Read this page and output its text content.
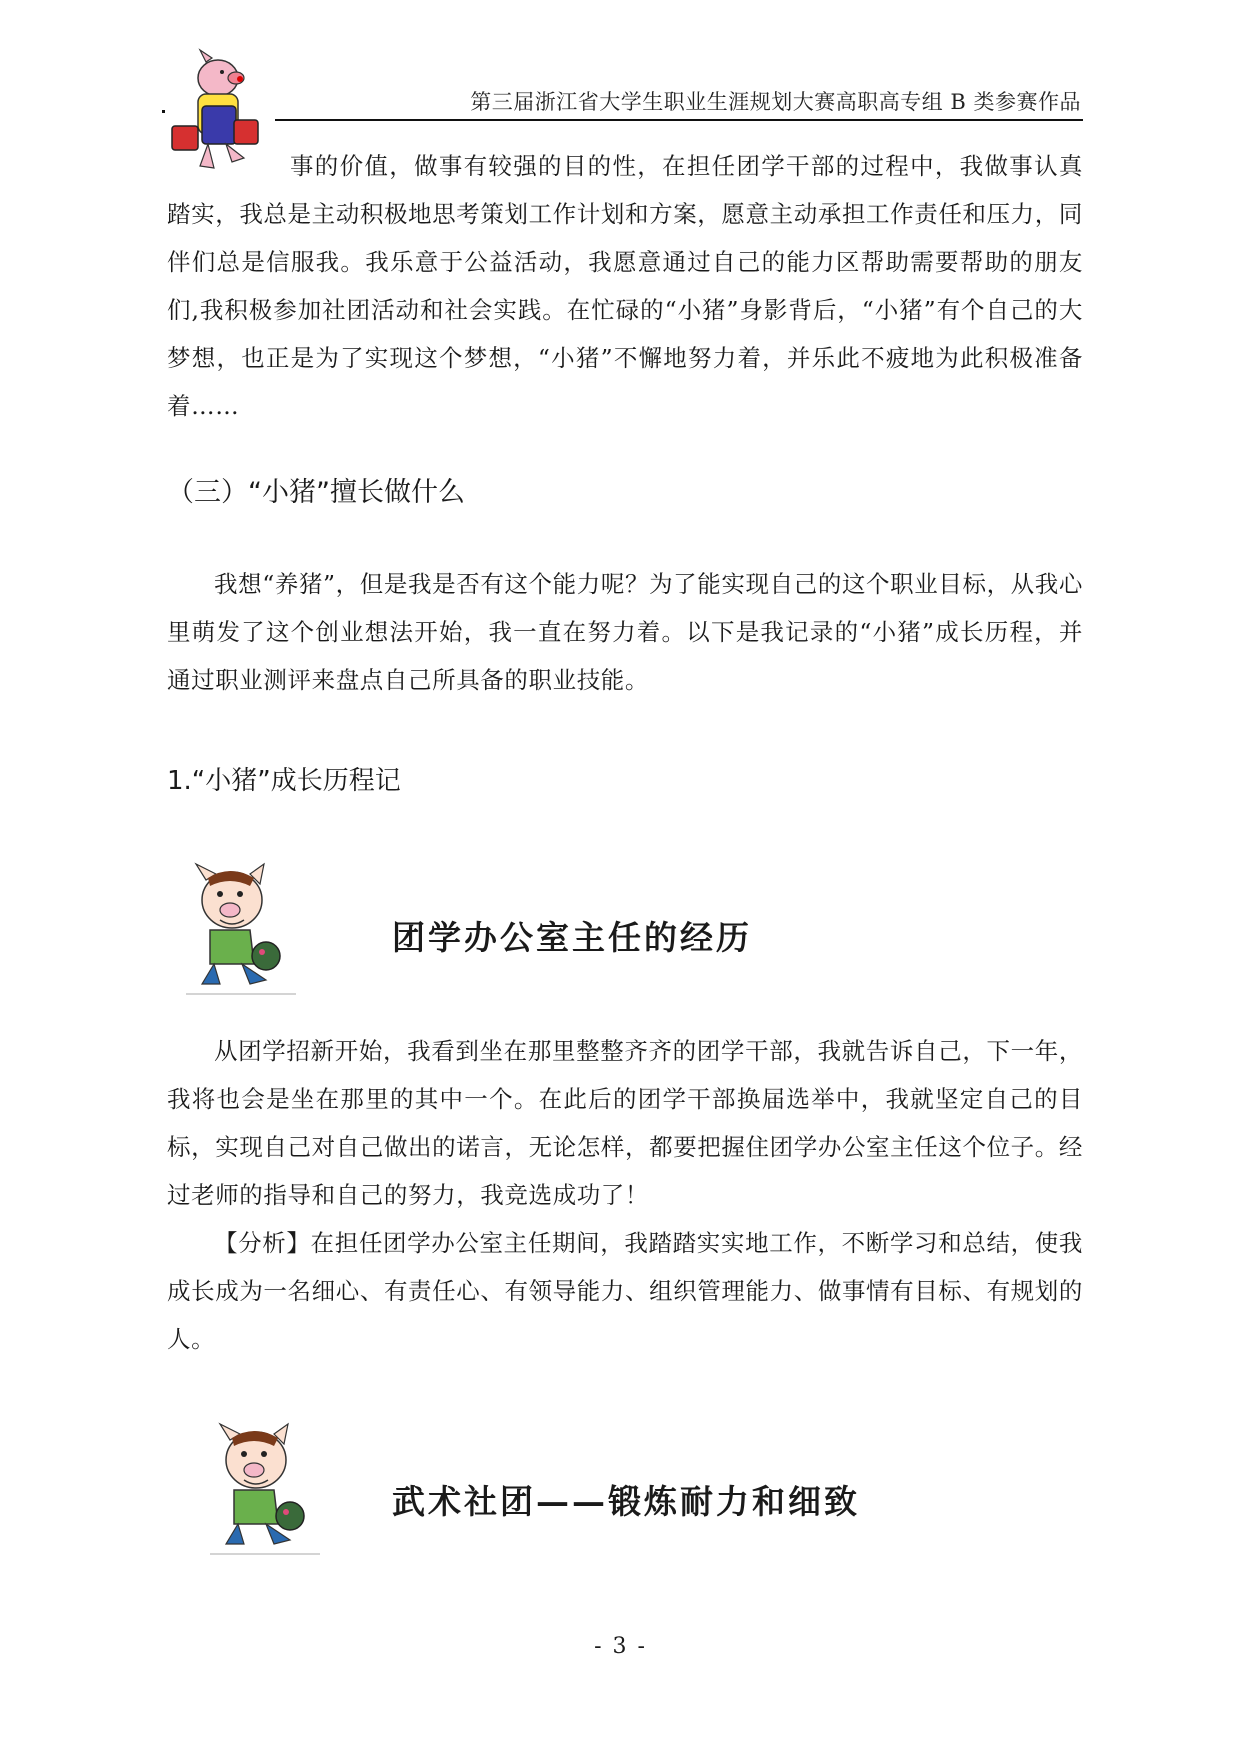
第三届浙江省大学生职业生涯规划大赛高职高专组 B 类参赛作品
事的价值，做事有较强的目的性，在担任团学干部的过程中，我做事认真踏实，我总是主动积极地思考策划工作计划和方案，愿意主动承担工作责任和压力，同伴们总是信服我。我乐意于公益活动，我愿意通过自己的能力区帮助需要帮助的朋友们,我积极参加社团活动和社会实践。在忙碌的“小猪”身影背后，“小猪”有个自己的大梦想，也正是为了实现这个梦想，“小猪”不懈地努力着，并乐此不疲地为此积极准备着……
（三）“小猪”擅长做什么
我想“养猪”，但是我是否有这个能力呢？为了能实现自己的这个职业目标，从我心里萌发了这个创业想法开始，我一直在努力着。以下是我记录的“小猪”成长历程，并通过职业测评来盘点自己所具备的职业技能。
1.“小猪”成长历程记
团学办公室主任的经历
从团学招新开始，我看到坐在那里整整齐齐的团学干部，我就告诉自己，下一年，我将也会是坐在那里的其中一个。在此后的团学干部换届选举中，我就坚定自己的目标，实现自己对自己做出的诺言，无论怎样，都要把握住团学办公室主任这个位子。经过老师的指导和自己的努力，我竞选成功了！
【分析】在担任团学办公室主任期间，我踏踏实实地工作，不断学习和总结，使我成长成为一名细心、有责任心、有领导能力、组织管理能力、做事情有目标、有规划的人。
武术社团——锻炼耐力和细致
- 3 -
